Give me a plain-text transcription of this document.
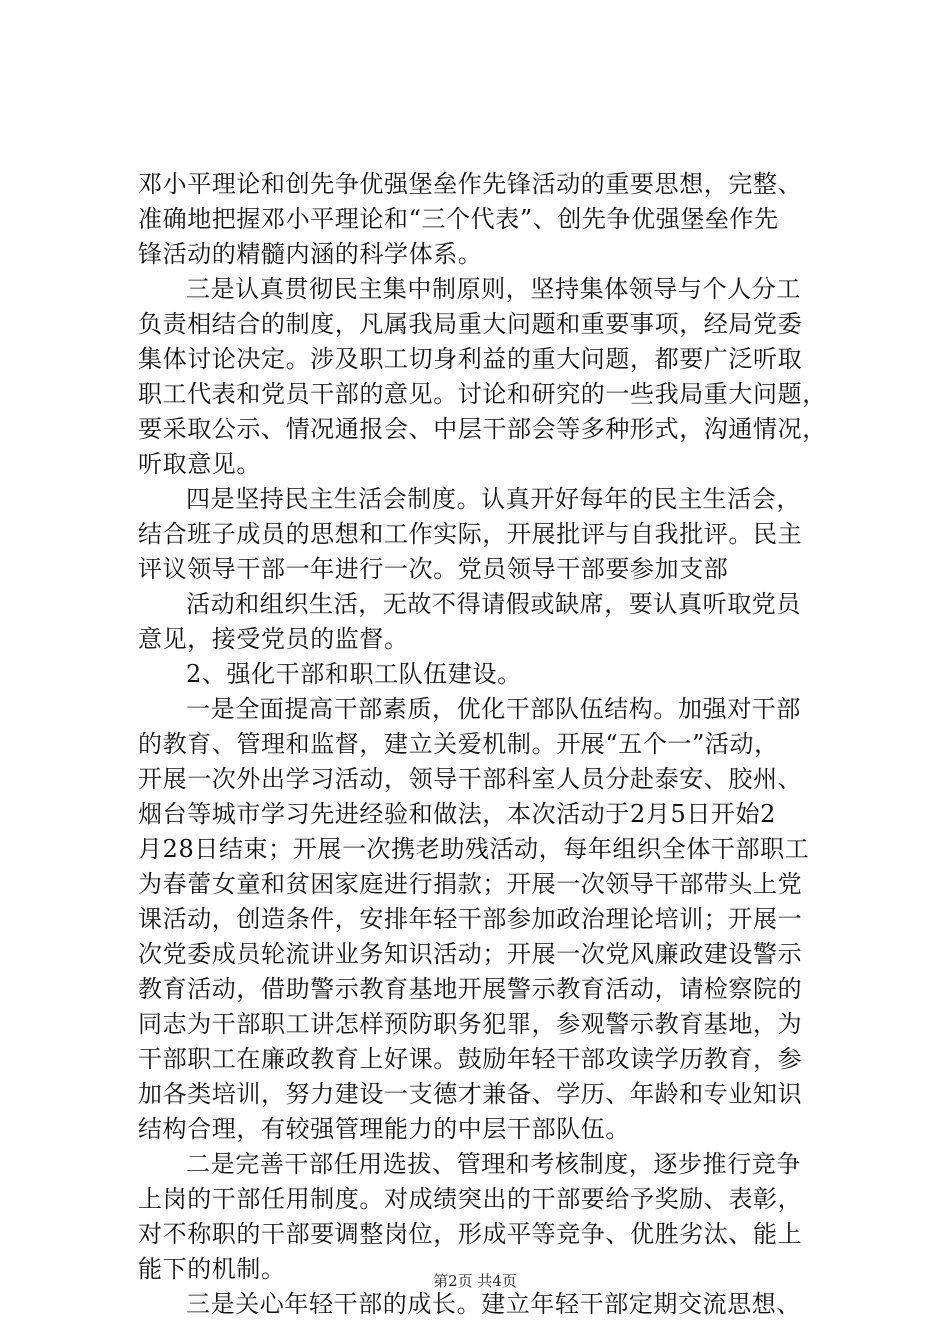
邓小平理论和创先争优强堡垒作先锋活动的重要思想，完整、
准确地把握邓小平理论和“三个代表”、创先争优强堡垒作先
锋活动的精髓内涵的科学体系。
三是认真贯彻民主集中制原则，坚持集体领导与个人分工
负责相结合的制度，凡属我局重大问题和重要事项，经局党委
集体讨论决定。涉及职工切身利益的重大问题，都要广泛听取
职工代表和党员干部的意见。讨论和研究的一些我局重大问题，
要采取公示、情况通报会、中层干部会等多种形式，沟通情况，
听取意见。
四是坚持民主生活会制度。认真开好每年的民主生活会，
结合班子成员的思想和工作实际，开展批评与自我批评。民主
评议领导干部一年进行一次。党员领导干部要参加支部
活动和组织生活，无故不得请假或缺席，要认真听取党员
意见，接受党员的监督。
2、强化干部和职工队伍建设。
一是全面提高干部素质，优化干部队伍结构。加强对干部
的教育、管理和监督，建立关爱机制。开展“五个一”活动，
开展一次外出学习活动，领导干部科室人员分赴泰安、胶州、
烟台等城市学习先进经验和做法，本次活动于2月5日开始2
月28日结束；开展一次携老助残活动，每年组织全体干部职工
为春蕾女童和贫困家庭进行捐款；开展一次领导干部带头上党
课活动，创造条件，安排年轻干部参加政治理论培训；开展一
次党委成员轮流讲业务知识活动；开展一次党风廉政建设警示
教育活动，借助警示教育基地开展警示教育活动，请检察院的
同志为干部职工讲怎样预防职务犯罪，参观警示教育基地，为
干部职工在廉政教育上好课。鼓励年轻干部攻读学历教育，参
加各类培训，努力建设一支德才兼备、学历、年龄和专业知识
结构合理，有较强管理能力的中层干部队伍。
二是完善干部任用选拔、管理和考核制度，逐步推行竞争
上岗的干部任用制度。对成绩突出的干部要给予奖励、表彰，
对不称职的干部要调整岗位，形成平等竞争、优胜劣汰、能上
能下的机制。
三是关心年轻干部的成长。建立年轻干部定期交流思想、
第2页 共4页
